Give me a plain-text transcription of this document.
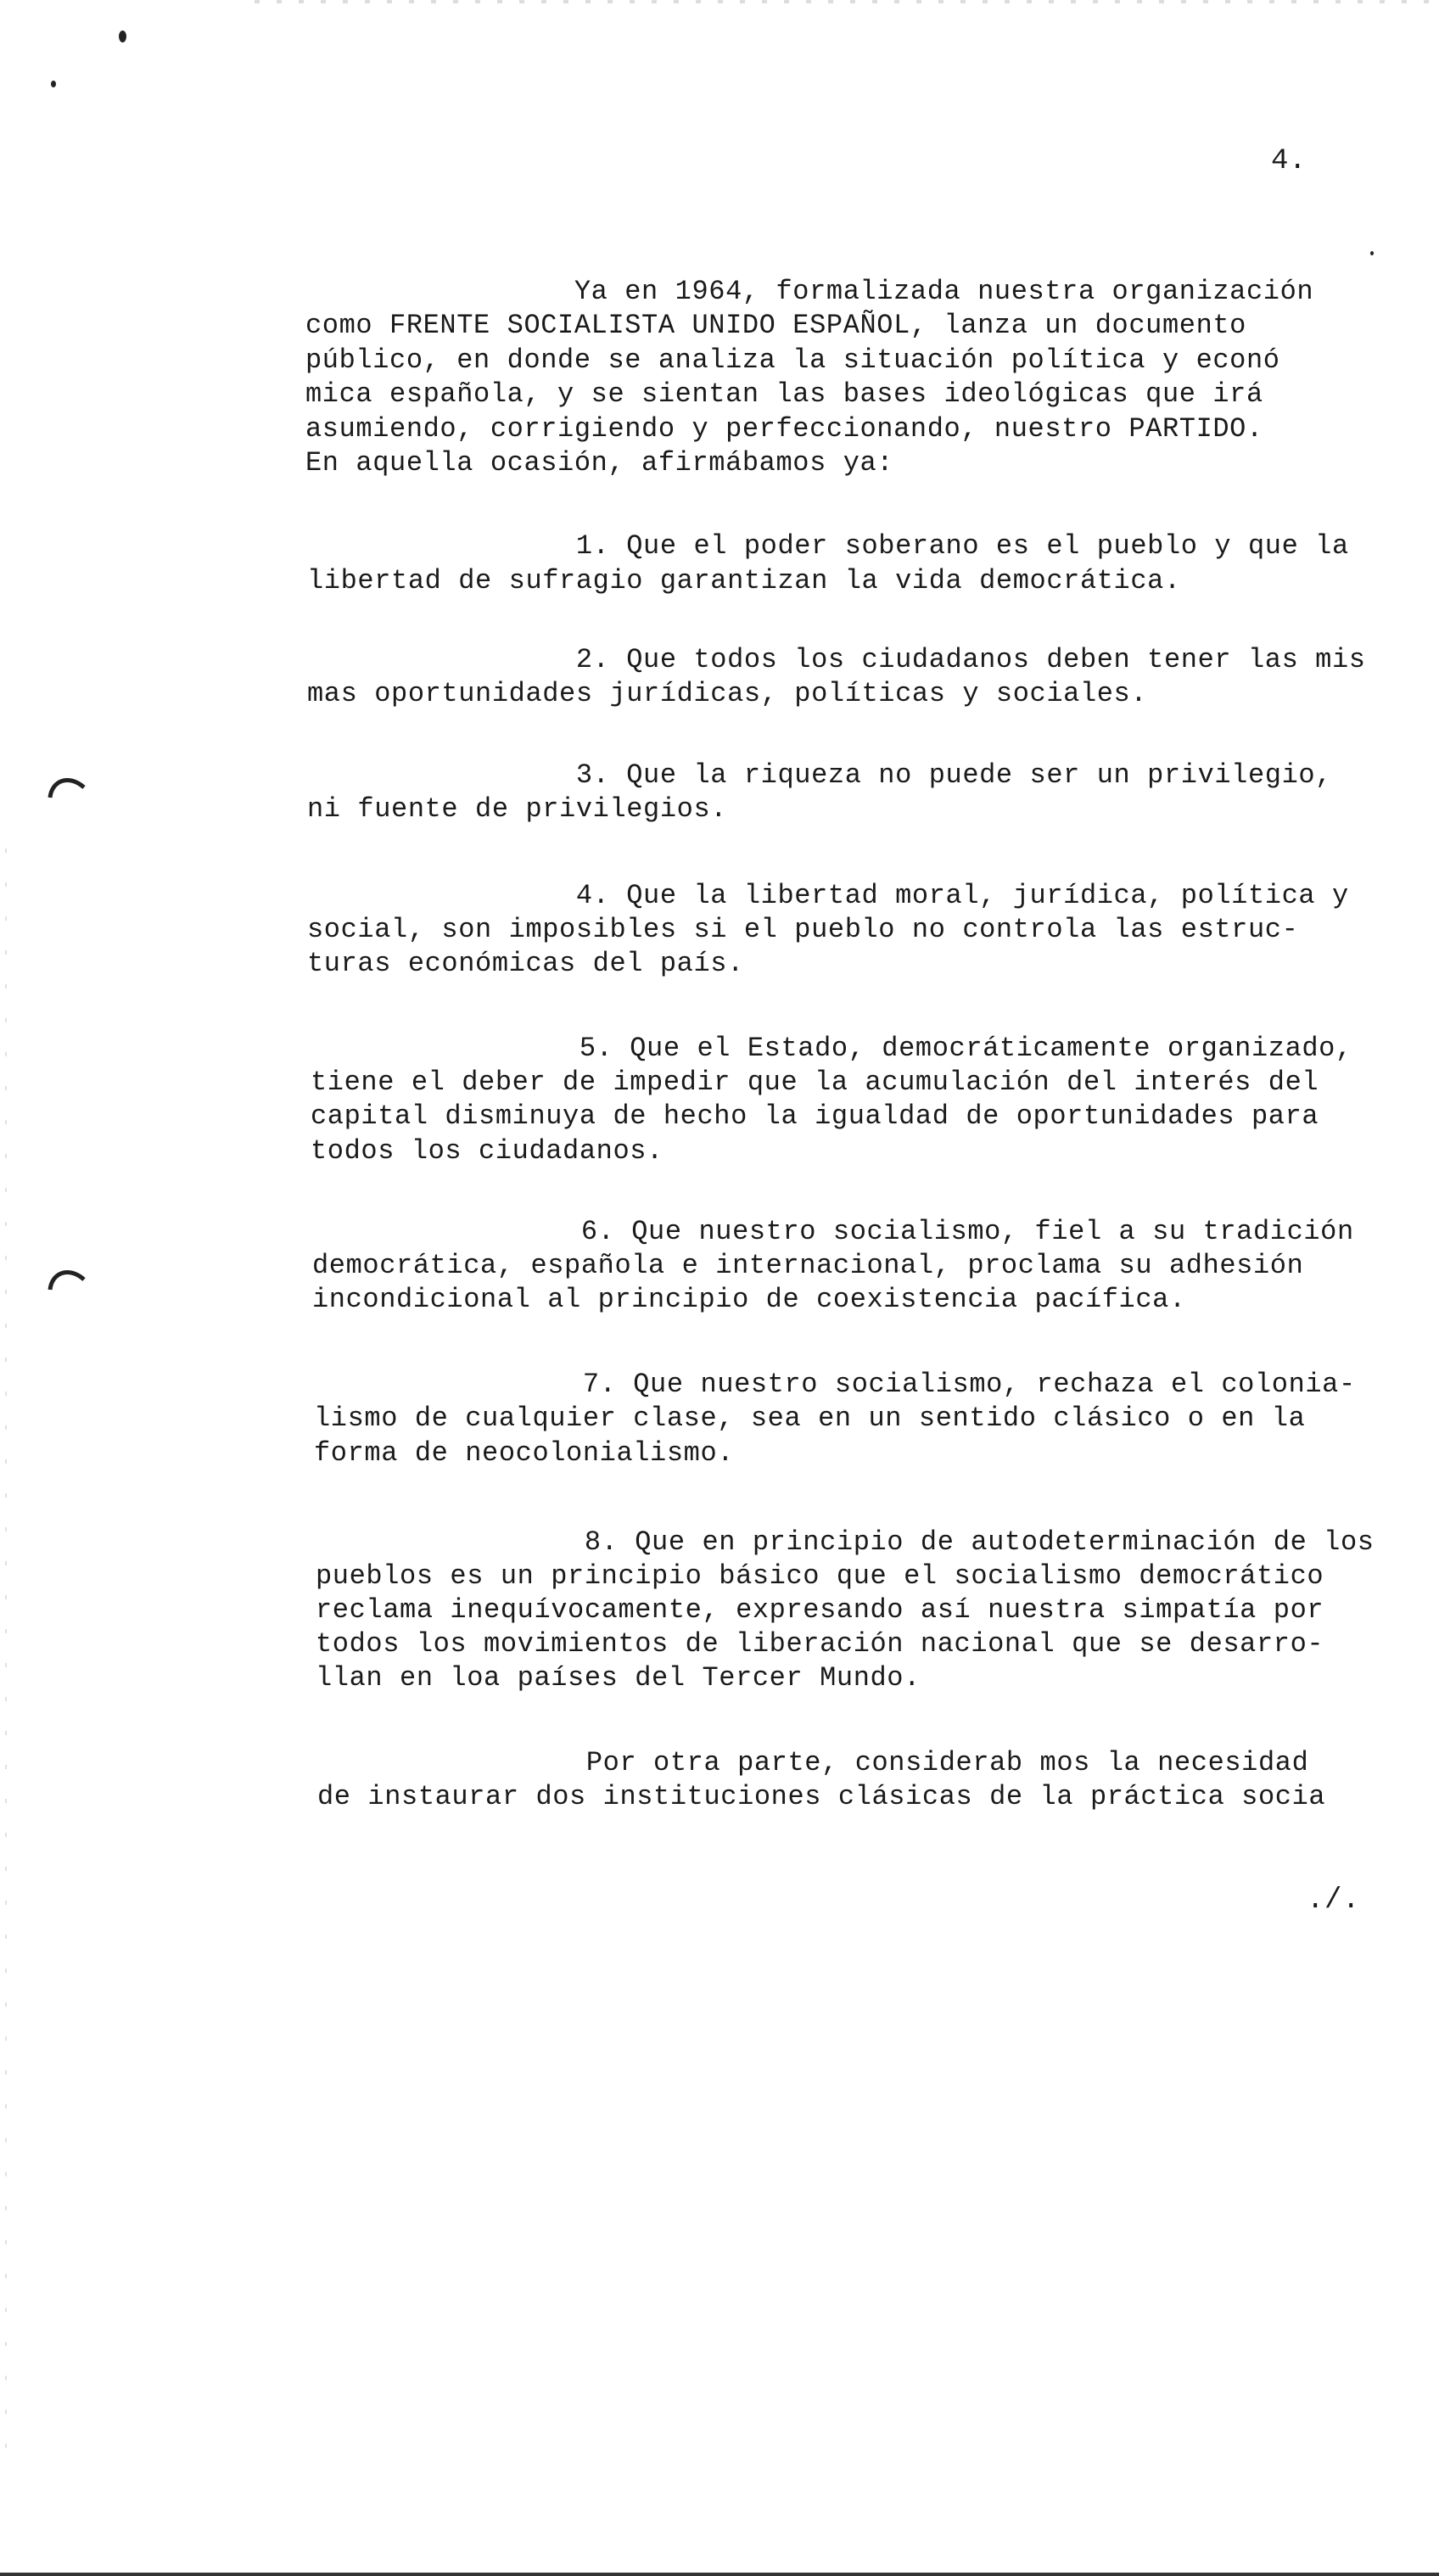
4.
Ya en 1964, formalizada nuestra organización
como FRENTE SOCIALISTA UNIDO ESPAÑOL, lanza un documento
público, en donde se analiza la situación política y econó
mica española, y se sientan las bases ideológicas que irá
asumiendo, corrigiendo y perfeccionando, nuestro PARTIDO.
En aquella ocasión, afirmábamos ya:
1. Que el poder soberano es el pueblo y que la
libertad de sufragio garantizan la vida democrática.
2. Que todos los ciudadanos deben tener las mis
mas oportunidades jurídicas, políticas y sociales.
3. Que la riqueza no puede ser un privilegio,
ni fuente de privilegios.
4. Que la libertad moral, jurídica, política y
social, son imposibles si el pueblo no controla las estruc-
turas económicas del país.
5. Que el Estado, democráticamente organizado,
tiene el deber de impedir que la acumulación del interés del
capital disminuya de hecho la igualdad de oportunidades para
todos los ciudadanos.
6. Que nuestro socialismo, fiel a su tradición
democrática, española e internacional, proclama su adhesión
incondicional al principio de coexistencia pacífica.
7. Que nuestro socialismo, rechaza el colonia-
lismo de cualquier clase, sea en un sentido clásico o en la
forma de neocolonialismo.
8. Que en principio de autodeterminación de los
pueblos es un principio básico que el socialismo democrático
reclama inequívocamente, expresando así nuestra simpatía por
todos los movimientos de liberación nacional que se desarro-
llan en loa países del Tercer Mundo.
Por otra parte, considerab mos la necesidad
de instaurar dos instituciones clásicas de la práctica socia
./.
